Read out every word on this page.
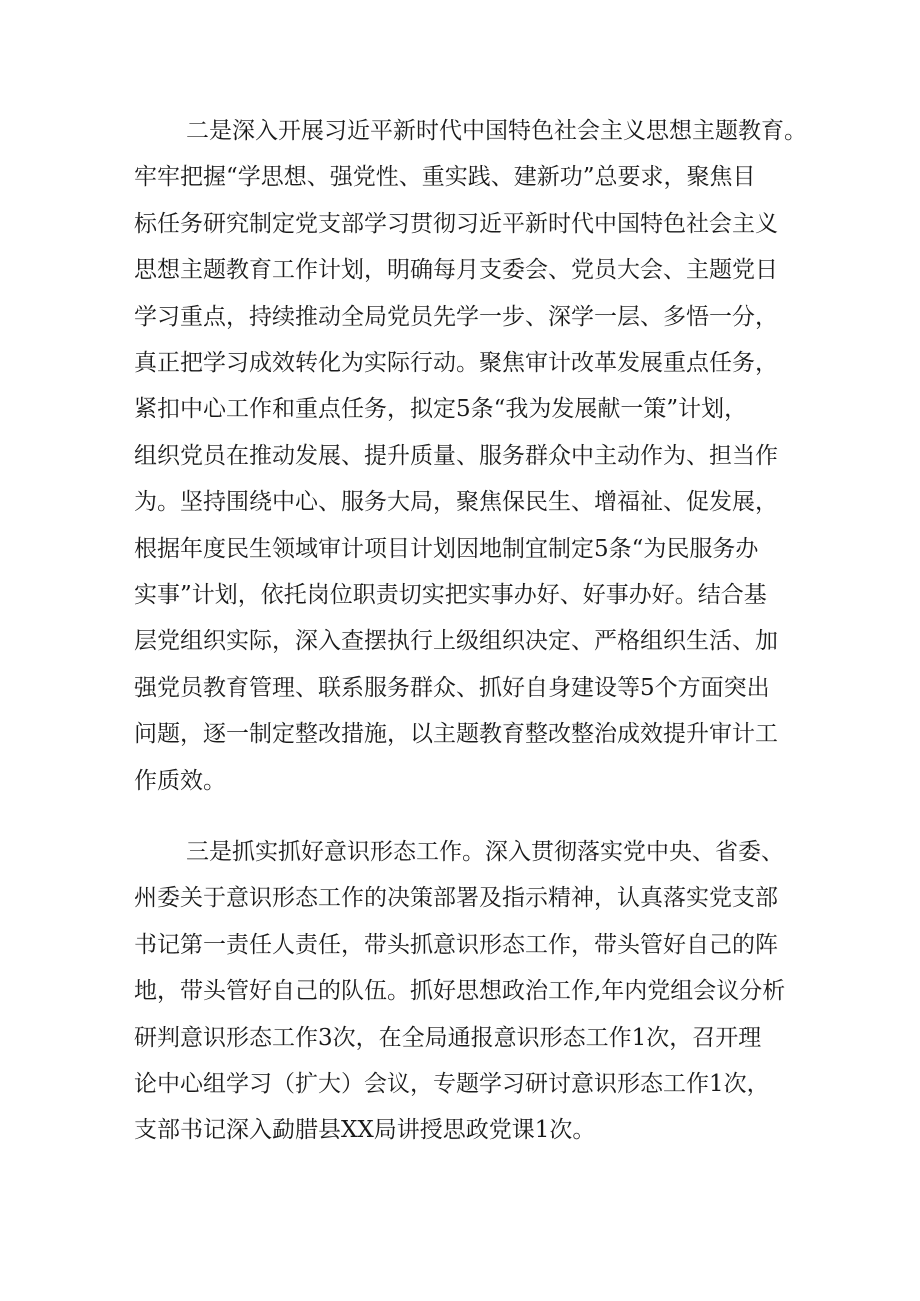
二是深入开展习近平新时代中国特色社会主义思想主题教育。
牢牢把握“学思想、强党性、重实践、建新功”总要求，聚焦目
标任务研究制定党支部学习贯彻习近平新时代中国特色社会主义
思想主题教育工作计划，明确每月支委会、党员大会、主题党日
学习重点，持续推动全局党员先学一步、深学一层、多悟一分，
真正把学习成效转化为实际行动。聚焦审计改革发展重点任务，
紧扣中心工作和重点任务，拟定5条“我为发展献一策”计划，
组织党员在推动发展、提升质量、服务群众中主动作为、担当作
为。坚持围绕中心、服务大局，聚焦保民生、增福祉、促发展，
根据年度民生领域审计项目计划因地制宜制定5条“为民服务办
实事”计划，依托岗位职责切实把实事办好、好事办好。结合基
层党组织实际，深入查摆执行上级组织决定、严格组织生活、加
强党员教育管理、联系服务群众、抓好自身建设等5个方面突出
问题，逐一制定整改措施，以主题教育整改整治成效提升审计工
作质效。
三是抓实抓好意识形态工作。深入贯彻落实党中央、省委、
州委关于意识形态工作的决策部署及指示精神，认真落实党支部
书记第一责任人责任，带头抓意识形态工作，带头管好自己的阵
地，带头管好自己的队伍。抓好思想政治工作,年内党组会议分析
研判意识形态工作3次，在全局通报意识形态工作1次，召开理
论中心组学习（扩大）会议，专题学习研讨意识形态工作1次，
支部书记深入勐腊县XX局讲授思政党课1次。
